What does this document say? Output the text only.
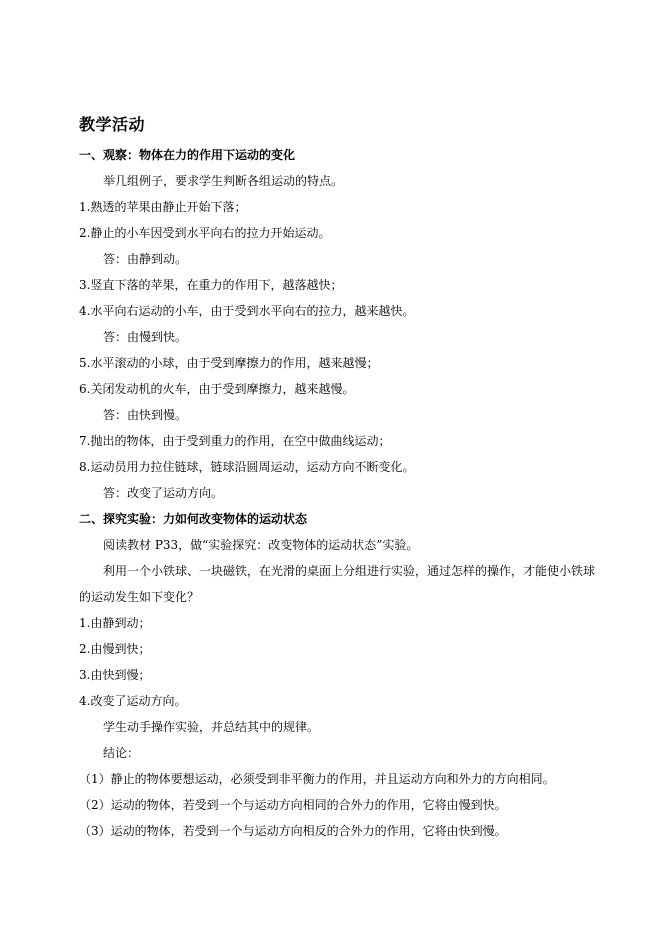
教学活动
一、观察：物体在力的作用下运动的变化
举几组例子，要求学生判断各组运动的特点。
1.熟透的苹果由静止开始下落；
2.静止的小车因受到水平向右的拉力开始运动。
答：由静到动。
3.竖直下落的苹果，在重力的作用下，越落越快；
4.水平向右运动的小车，由于受到水平向右的拉力，越来越快。
答：由慢到快。
5.水平滚动的小球，由于受到摩擦力的作用，越来越慢；
6.关闭发动机的火车，由于受到摩擦力，越来越慢。
答：由快到慢。
7.抛出的物体，由于受到重力的作用，在空中做曲线运动；
8.运动员用力拉住链球，链球沿圆周运动，运动方向不断变化。
答：改变了运动方向。
二、探究实验：力如何改变物体的运动状态
阅读教材 P33，做“实验探究：改变物体的运动状态”实验。
利用一个小铁球、一块磁铁，在光滑的桌面上分组进行实验，通过怎样的操作，才能使小铁球的运动发生如下变化？
1.由静到动；
2.由慢到快；
3.由快到慢；
4.改变了运动方向。
学生动手操作实验，并总结其中的规律。
结论：
（1）静止的物体要想运动，必须受到非平衡力的作用，并且运动方向和外力的方向相同。
（2）运动的物体，若受到一个与运动方向相同的合外力的作用，它将由慢到快。
（3）运动的物体，若受到一个与运动方向相反的合外力的作用，它将由快到慢。
